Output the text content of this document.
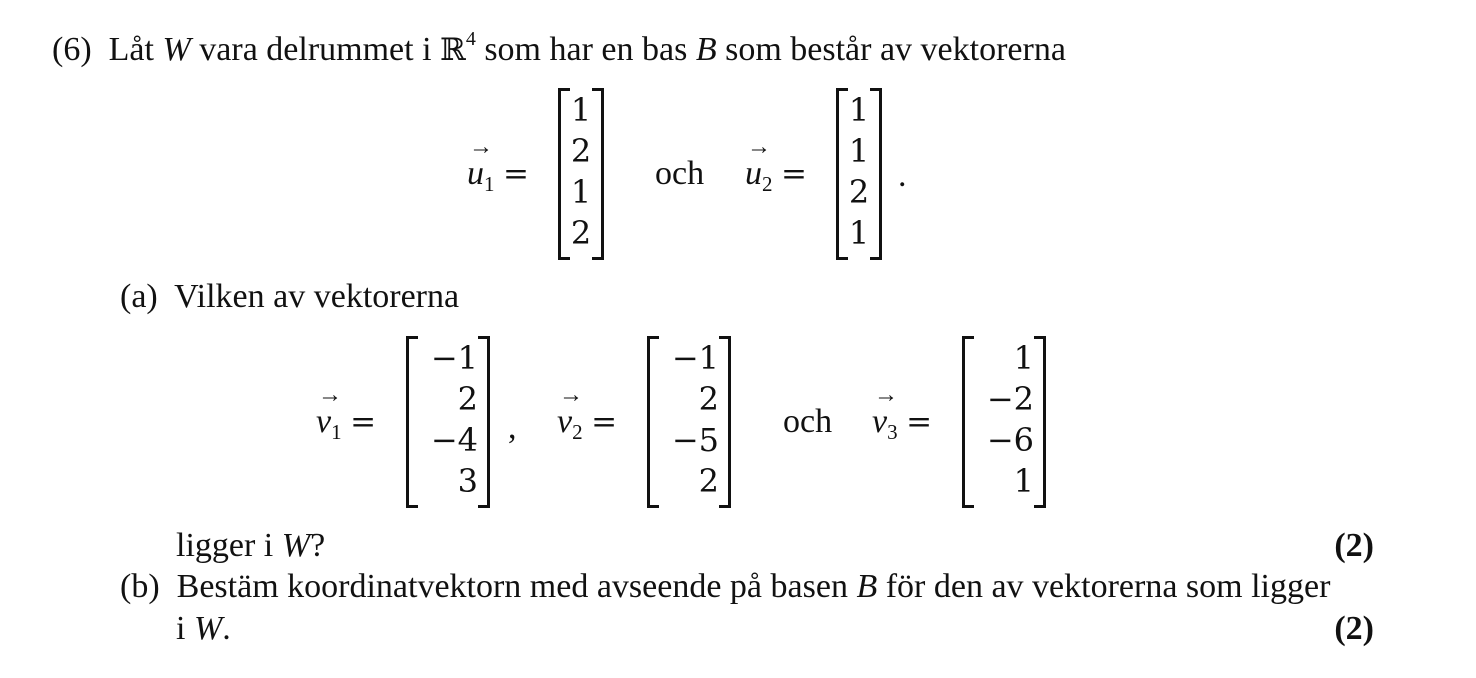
(6) Låt W vara delrummet i ℝ$^4$ som har en bas B som består av vektorerna
→
$u_1$ =
1
2
1
2
och
→
$u_2$ =
1
1
2
1
.
(a) Vilken av vektorerna
→
$v_1$ =
−1
2
−4
3
,
→
$v_2$ =
−1
2
−5
2
och
→
$v_3$ =
1
−2
−6
1
ligger i W?	(2)
(b) Bestäm koordinatvektorn med avseende på basen B för den av vektorerna som ligger
i W.	(2)
